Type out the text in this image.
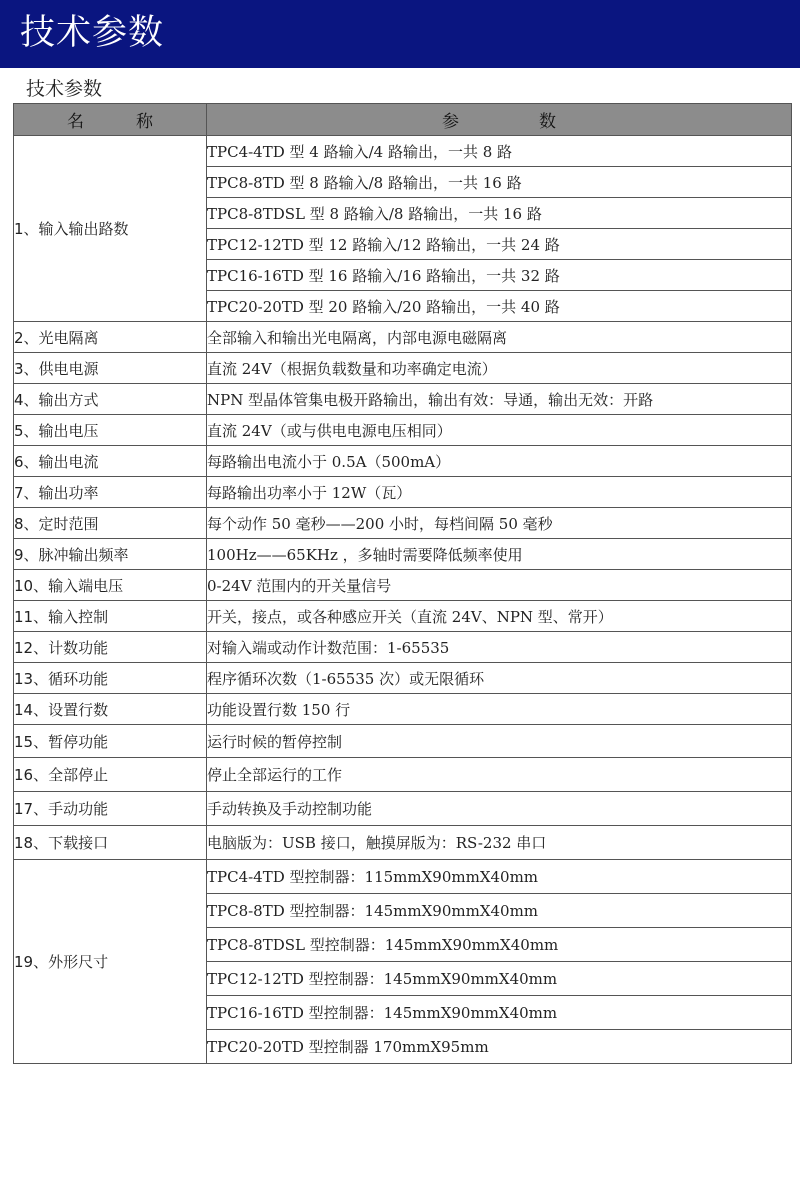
技术参数
技术参数
名 称	参 数
1、输入输出路数	TPC4-4TD 型 4 路输入/4 路输出，一共 8 路
	TPC8-8TD 型 8 路输入/8 路输出，一共 16 路
	TPC8-8TDSL 型 8 路输入/8 路输出，一共 16 路
	TPC12-12TD 型 12 路输入/12 路输出，一共 24 路
	TPC16-16TD 型 16 路输入/16 路输出，一共 32 路
	TPC20-20TD 型 20 路输入/20 路输出，一共 40 路
2、光电隔离	全部输入和输出光电隔离，内部电源电磁隔离
3、供电电源	直流 24V（根据负载数量和功率确定电流）
4、输出方式	NPN 型晶体管集电极开路输出，输出有效：导通，输出无效：开路
5、输出电压	直流 24V（或与供电电源电压相同）
6、输出电流	每路输出电流小于 0.5A（500mA）
7、输出功率	每路输出功率小于 12W（瓦）
8、定时范围	每个动作 50 毫秒——200 小时，每档间隔 50 毫秒
9、脉冲输出频率	100Hz——65KHz ，多轴时需要降低频率使用
10、输入端电压	0-24V 范围内的开关量信号
11、输入控制	开关，接点，或各种感应开关（直流 24V、NPN 型、常开）
12、计数功能	对输入端或动作计数范围：1-65535
13、循环功能	程序循环次数（1-65535 次）或无限循环
14、设置行数	功能设置行数 150 行
15、暂停功能	运行时候的暂停控制
16、全部停止	停止全部运行的工作
17、手动功能	手动转换及手动控制功能
18、下载接口	电脑版为：USB 接口，触摸屏版为：RS-232 串口
19、外形尺寸	TPC4-4TD 型控制器：115mmX90mmX40mm
	TPC8-8TD 型控制器：145mmX90mmX40mm
	TPC8-8TDSL 型控制器：145mmX90mmX40mm
	TPC12-12TD 型控制器：145mmX90mmX40mm
	TPC16-16TD 型控制器：145mmX90mmX40mm
	TPC20-20TD 型控制器 170mmX95mm
